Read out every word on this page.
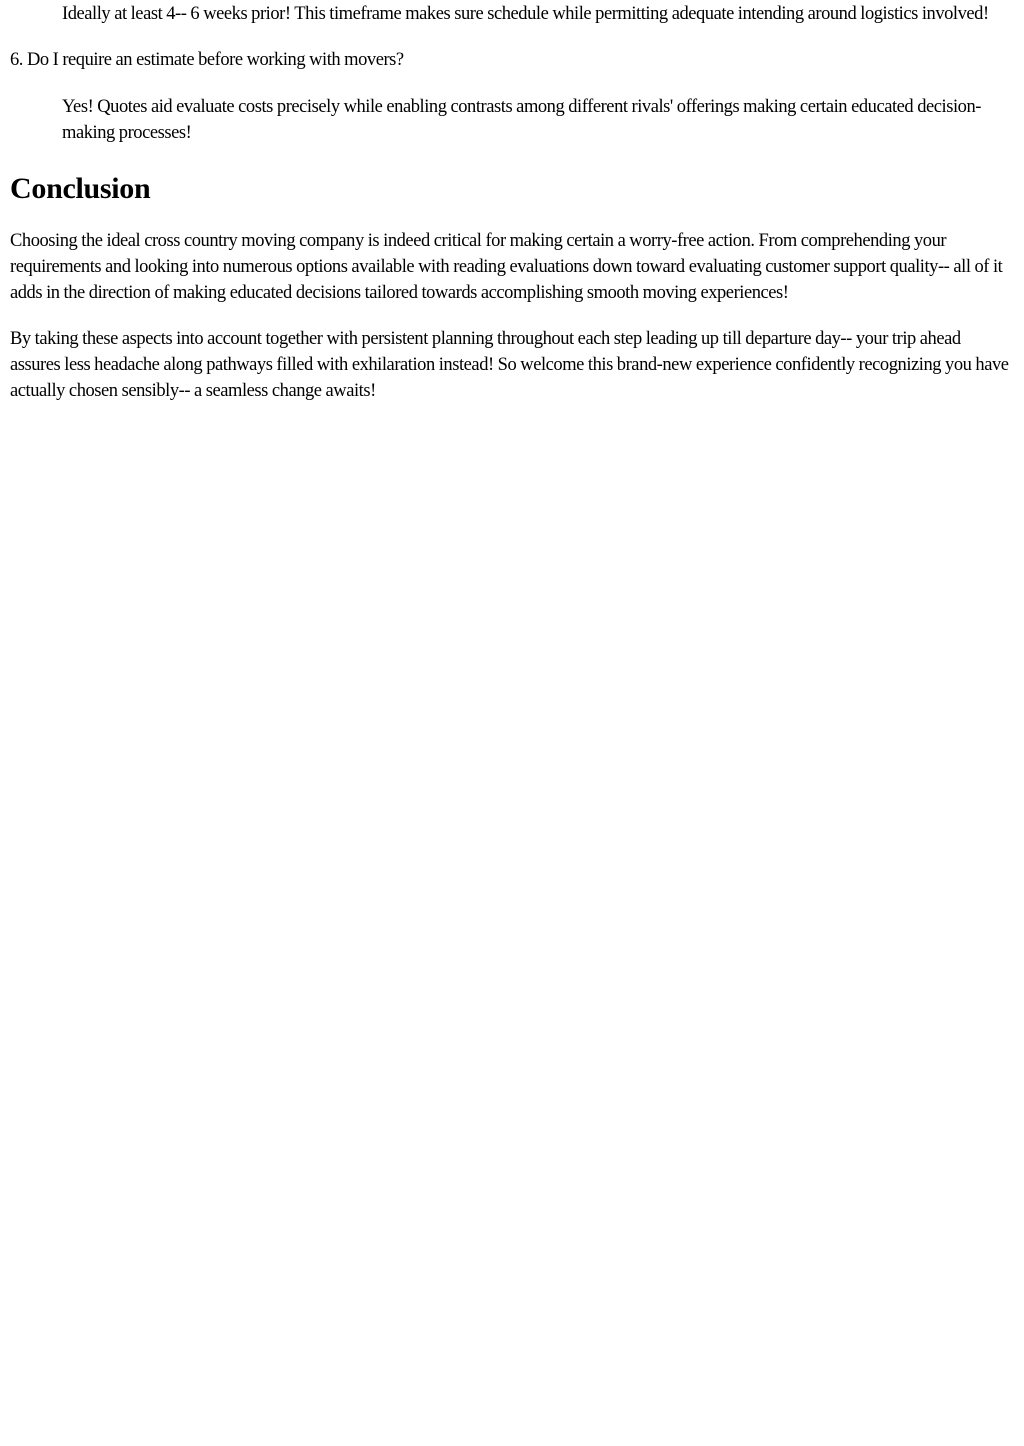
Ideally at least 4-- 6 weeks prior! This timeframe makes sure schedule while permitting adequate intending around logistics involved!

6. Do I require an estimate before working with movers?

Yes! Quotes aid evaluate costs precisely while enabling contrasts among different rivals' offerings making certain educated decision-making processes!

Conclusion

Choosing the ideal cross country moving company is indeed critical for making certain a worry-free action. From comprehending your requirements and looking into numerous options available with reading evaluations down toward evaluating customer support quality-- all of it adds in the direction of making educated decisions tailored towards accomplishing smooth moving experiences!

By taking these aspects into account together with persistent planning throughout each step leading up till departure day-- your trip ahead assures less headache along pathways filled with exhilaration instead! So welcome this brand-new experience confidently recognizing you have actually chosen sensibly-- a seamless change awaits!
